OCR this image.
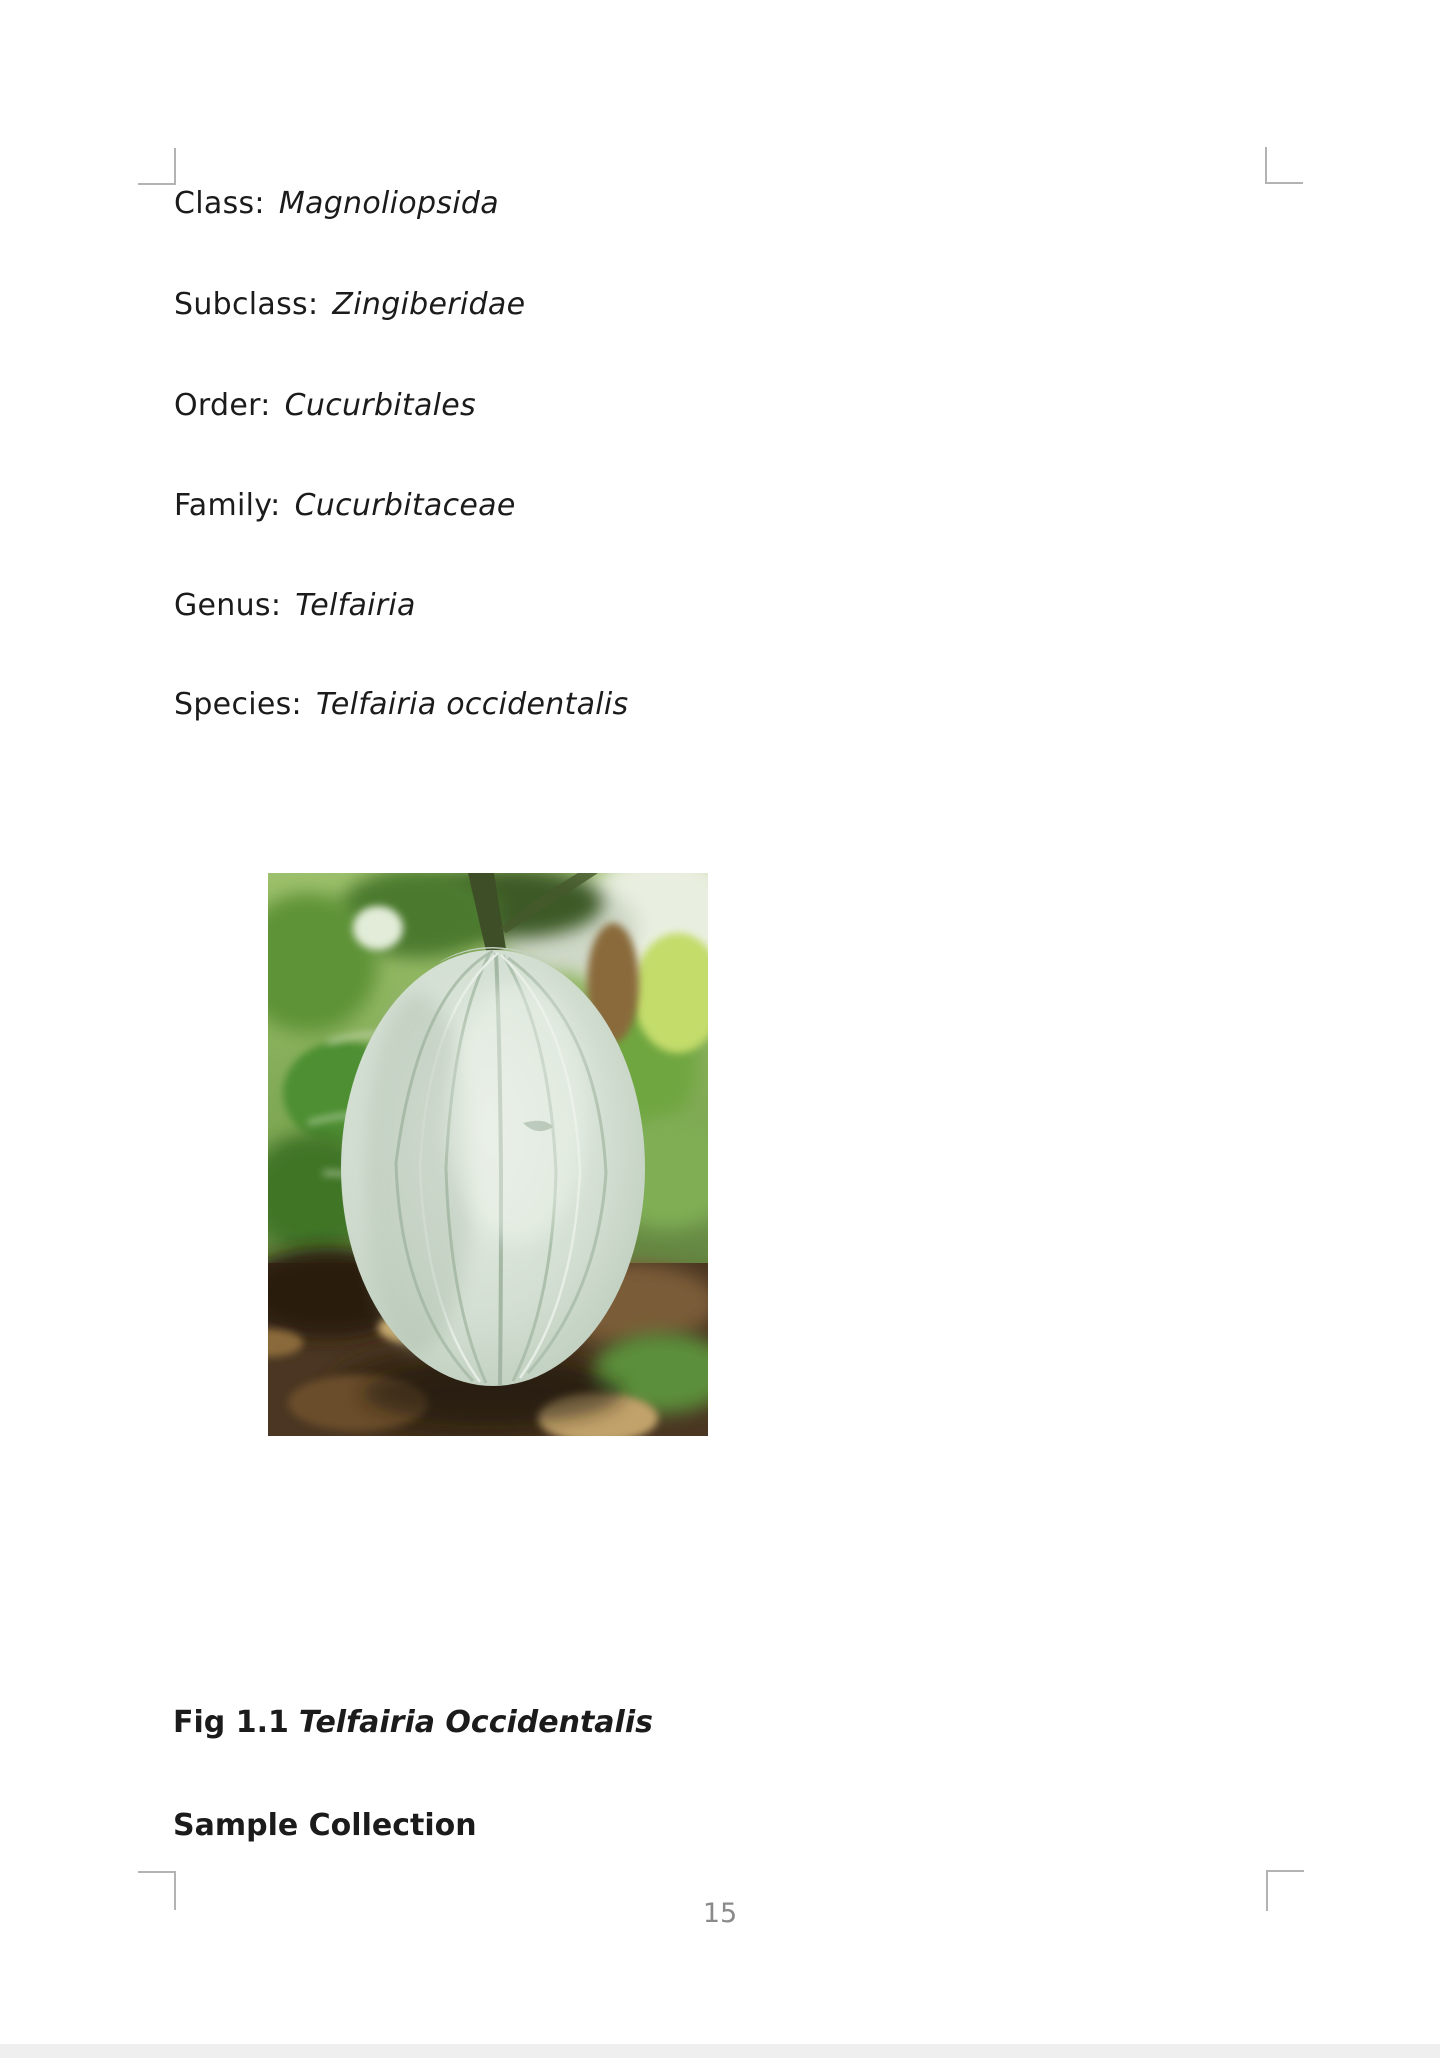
Class: Magnoliopsida
Subclass: Zingiberidae
Order: Cucurbitales
Family: Cucurbitaceae
Genus: Telfairia
Species: Telfairia occidentalis
Fig 1.1 Telfairia Occidentalis
Sample Collection
15
